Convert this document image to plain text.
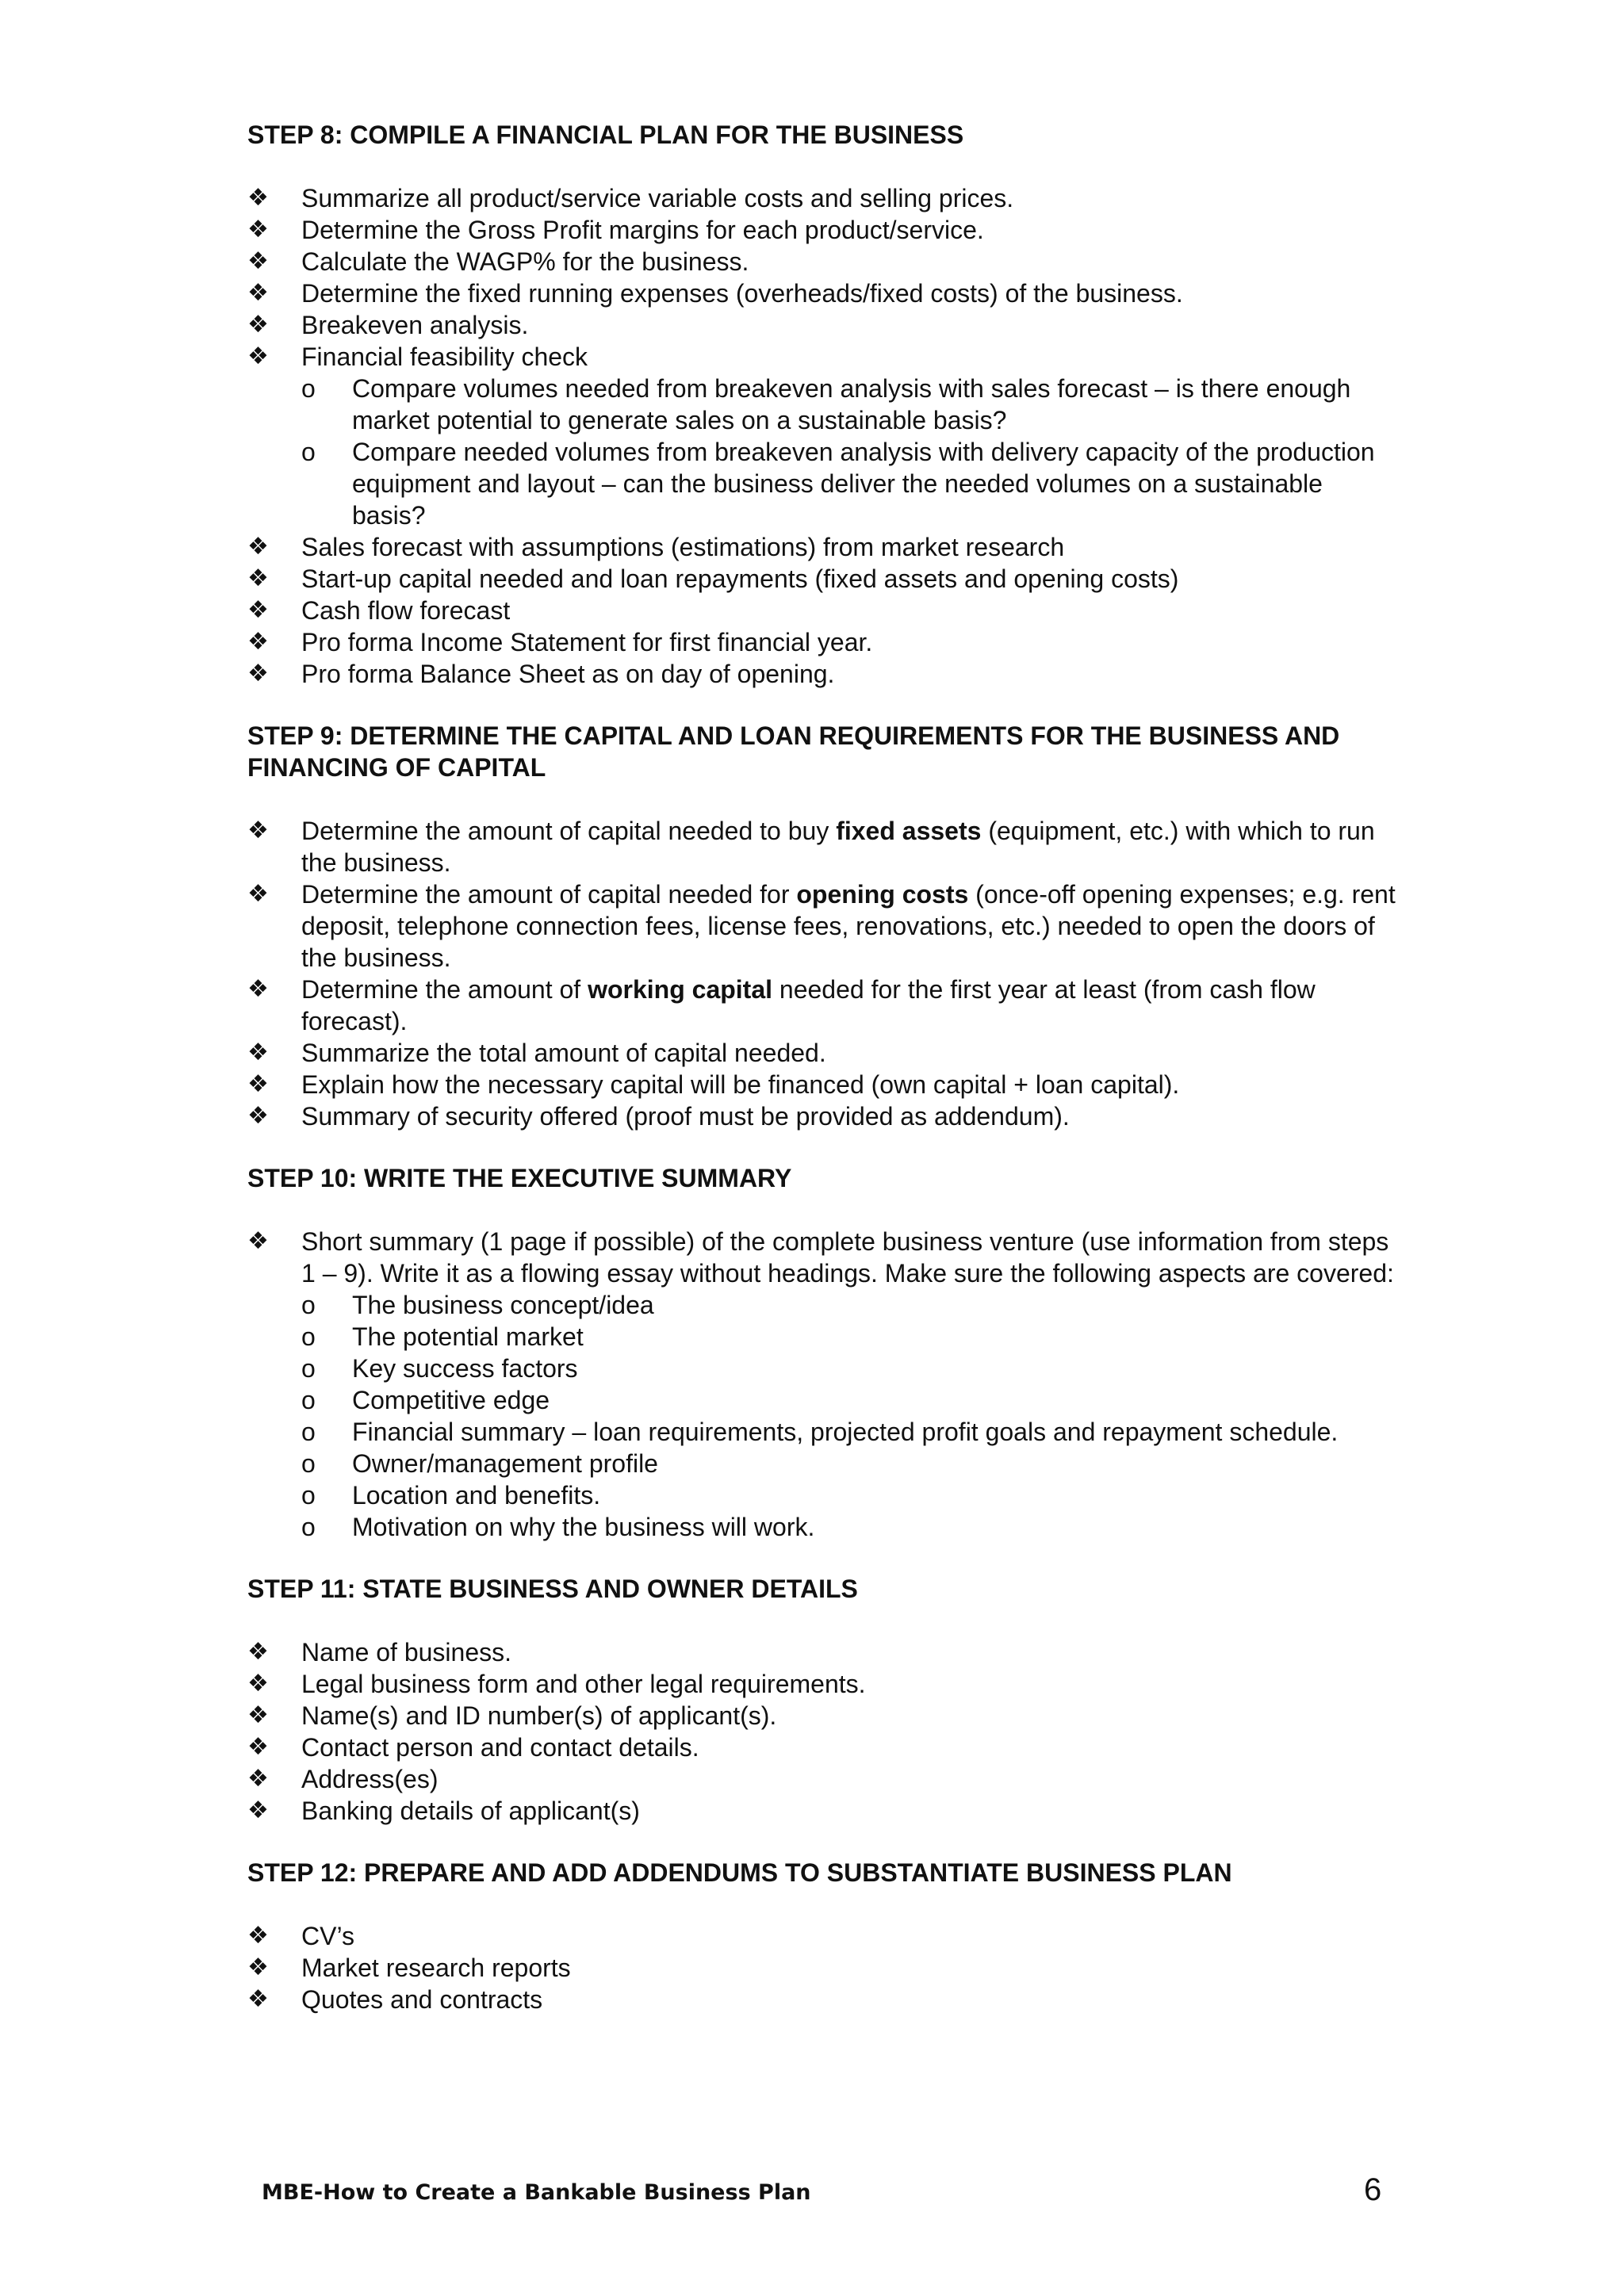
STEP 8: COMPILE A FINANCIAL PLAN FOR THE BUSINESS
❖	Summarize all product/service variable costs and selling prices.
❖	Determine the Gross Profit margins for each product/service.
❖	Calculate the WAGP% for the business.
❖	Determine the fixed running expenses (overheads/fixed costs) of the business.
❖	Breakeven analysis.
❖	Financial feasibility check
o Compare volumes needed from breakeven analysis with sales forecast – is there enough market potential to generate sales on a sustainable basis?
o Compare needed volumes from breakeven analysis with delivery capacity of the production equipment and layout – can the business deliver the needed volumes on a sustainable basis?
❖	Sales forecast with assumptions (estimations) from market research
❖	Start-up capital needed and loan repayments (fixed assets and opening costs)
❖	Cash flow forecast
❖	Pro forma Income Statement for first financial year.
❖	Pro forma Balance Sheet as on day of opening.
STEP 9: DETERMINE THE CAPITAL AND LOAN REQUIREMENTS FOR THE BUSINESS AND FINANCING OF CAPITAL
❖	Determine the amount of capital needed to buy fixed assets (equipment, etc.) with which to run the business.
❖	Determine the amount of capital needed for opening costs (once-off opening expenses; e.g. rent deposit, telephone connection fees, license fees, renovations, etc.) needed to open the doors of the business.
❖	Determine the amount of working capital needed for the first year at least (from cash flow forecast).
❖	Summarize the total amount of capital needed.
❖	Explain how the necessary capital will be financed (own capital + loan capital).
❖	Summary of security offered (proof must be provided as addendum).
STEP 10: WRITE THE EXECUTIVE SUMMARY
❖	Short summary (1 page if possible) of the complete business venture (use information from steps 1 – 9). Write it as a flowing essay without headings. Make sure the following aspects are covered:
o The business concept/idea
o The potential market
o Key success factors
o Competitive edge
o Financial summary – loan requirements, projected profit goals and repayment schedule.
o Owner/management profile
o Location and benefits.
o Motivation on why the business will work.
STEP 11: STATE BUSINESS AND OWNER DETAILS
❖	Name of business.
❖	Legal business form and other legal requirements.
❖	Name(s) and ID number(s) of applicant(s).
❖	Contact person and contact details.
❖	Address(es)
❖	Banking details of applicant(s)
STEP 12: PREPARE AND ADD ADDENDUMS TO SUBSTANTIATE BUSINESS PLAN
❖	CV’s
❖	Market research reports
❖	Quotes and contracts
MBE-How to Create a Bankable Business Plan	6
